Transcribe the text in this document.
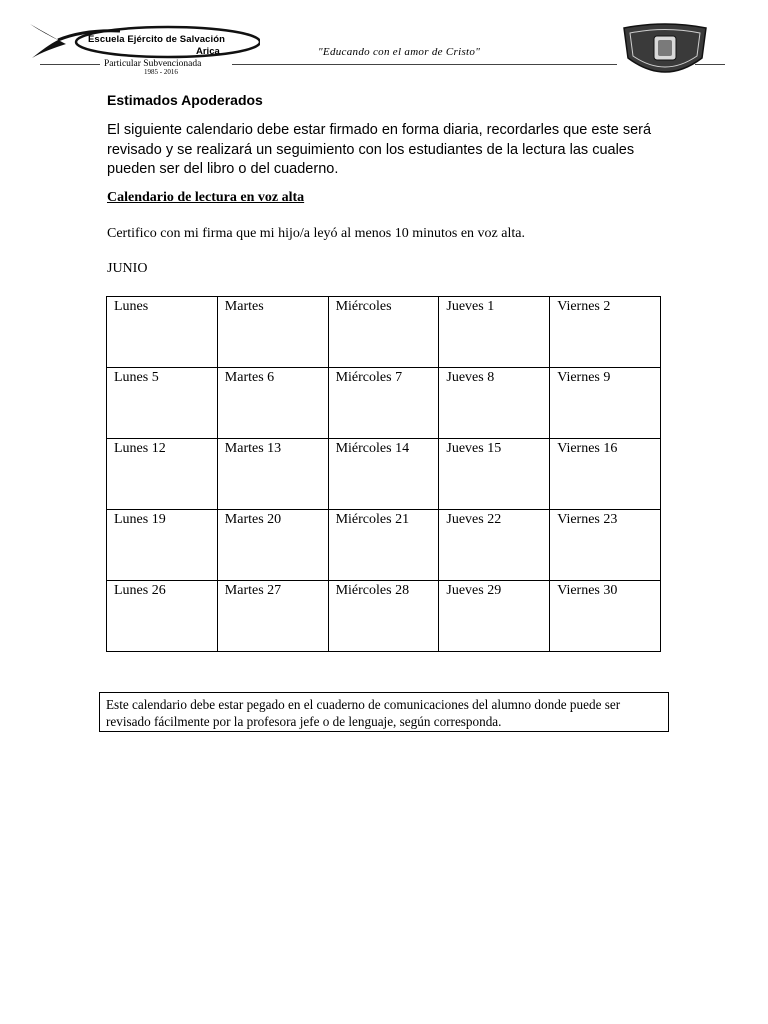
Escuela Ejército de Salvación
Arica
Particular Subvencionada
1985 - 2016
"Educando con el amor de Cristo"
Estimados Apoderados

El siguiente calendario debe estar firmado en forma diaria, recordarles que este será revisado y se realizará un seguimiento con los estudiantes de la lectura las cuales pueden ser del libro o del cuaderno.

Calendario de lectura en voz alta
Certifico con mi firma que mi hijo/a leyó al menos 10 minutos en voz alta.
JUNIO
Lunes	Martes	Miércoles	Jueves 1	Viernes 2
Lunes 5	Martes 6	Miércoles 7	Jueves 8	Viernes 9
Lunes 12	Martes 13	Miércoles 14	Jueves 15	Viernes 16
Lunes 19	Martes 20	Miércoles 21	Jueves 22	Viernes 23
Lunes 26	Martes 27	Miércoles 28	Jueves 29	Viernes 30
Este calendario debe estar pegado en el cuaderno de comunicaciones del alumno donde puede ser revisado fácilmente por la profesora jefe o de lenguaje, según corresponda.
